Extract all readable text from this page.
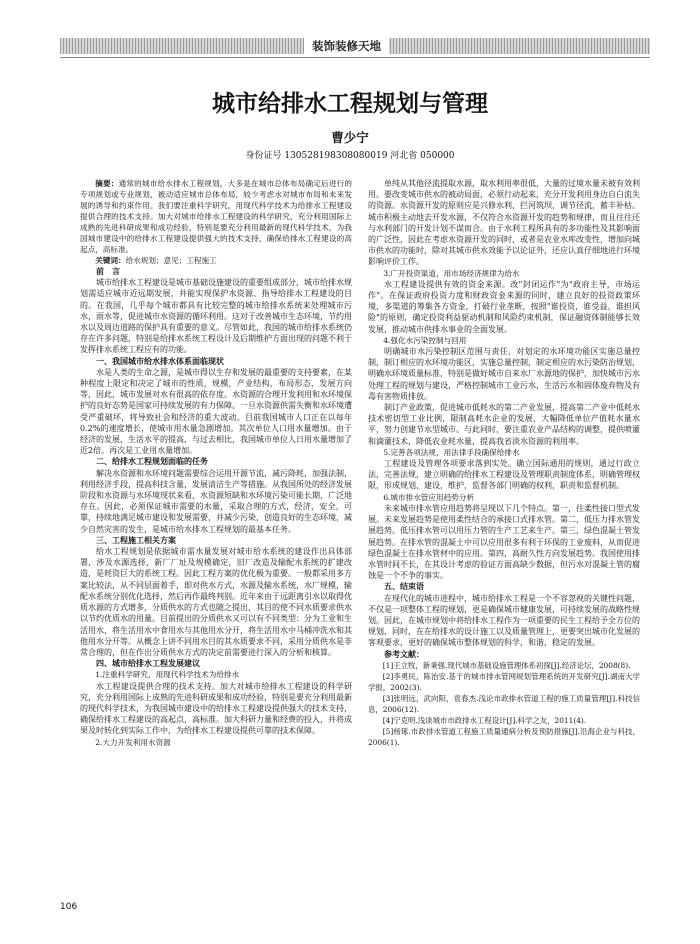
装饰装修天地
城市给排水工程规划与管理
曹少宁
身份证号 130528198308080019 河北省 050000

摘要：通常的城市给水排水工程规划，大多是在城市总体布局确定后进行的专项规划或专业规划，被动适应城市总体布局，较少考虑水对城市布局和未来发展的诱导和约束作用。我们要注重科学研究，用现代科学技术为给排水工程建设提供合理的技术支持。加大对城市给排水工程建设的科学研究，充分利用国际上成熟的先进科研成果和成功经验，特别是要充分利用最新的现代科学技术，为我国城市建设中的给排水工程建设提供强大的技术支持，确保给排水工程建设的高起点，高标准。

关键词：给水规划；意见；工程施工

前　言

城市给排水工程建设是城市基础设施建设的重要组成部分，城市给排水规划需适应城市近远期发展，并能实现保护水资源、指导给排水工程建设的目的。在我国，几乎每个城市都具有比较完整的城市给排水系统来处理城市污水，雨水等，促进城市水资源的循环利用。这对于改善城市生态环境，节约用水以及周边道路的保护具有重要的意义。尽管如此，我国的城市给排水系统仍存在许多问题，特别是给排水系统工程设计及后期维护方面出现的问题不利于发挥排水系统工程应有的功能。

一、我国城市给水排水体系面临现状

水是人类的生命之源，是城市得以生存和发展的最重要的支持要素，在某种程度上限定和决定了城市的性质，规模，产业结构，布局形态，发展方向等，因此，城市发展对水有很高的依存度。水资源的合理开发利用和水环境保护的良好态势是国家可持续发展的有力保障。一旦水资源供需失衡和水环境遭受严重破坏，将导致社会和经济的重大波动。目前我国城市人口正在以每年0.2%的速度增长，使城市用水量急剧增加。其次单位人口用水量增加。由于经济的发展，生活水平的提高，与过去相比，我国城市单位人日用水量增加了近2倍。再次是工业用水量增加。

二、给排水工程规划面临的任务

解决水资源和水环境问题需要综合运用开源节流，减污降耗，加强法制，利用经济手段，提高科技含量，发展清洁生产等措施。从我国所处的经济发展阶段和水资源与水环境现状来看，水资源短缺和水环境污染可能长期，广泛地存在。因此，必须保证城市需要的水量，采取合理的方式，经济，安全，可靠，持续地满足城市建设和发展需要，并减少污染，创造良好的生态环境，减少自然灾害的发生，是城市给水排水工程规划的最基本任务。

三、工程施工相关方案

给水工程规划是依据城市需水量发展对城市给水系统的建设作出具体部署，涉及水源选择，新厂厂址及规模确定，旧厂改造及输配水系统的扩建改造，是耗资巨大的系统工程。因此工程方案的优化极为重要。一般都采用多方案比较法，从不同层面着手，即对供水方式，水源及输水系统，水厂规模，输配水系统分别优化选择，然后再作最终判别。近年来由于远距离引水以取得优质水源的方式增多，分质供水的方式也随之提出，其目的使不同水质要求供水以节约优质水的用量。目前提出的分质供水又可以有不同类型：分为工业和生活用水，将生活用水中食用水与其他用水分开，将生活用水中马桶冲洗水和其他用水分开等。从概念上讲不同用水目的其水质要求不同，采用分质供水是非常合理的，但在作出分质供水方式的决定前需要进行深入的分析和核算。

四、城市给排水工程发展建议

1.注重科学研究，用现代科学技术为给排水

水工程建设提供合理的技术支持。加大对城市给排水工程建设的科学研究，充分利用国际上成熟的先进科研成果和成功经验，特别是要充分利用最新的现代科学技术，为我国城市建设中的给排水工程建设提供强大的技术支持，确保给排水工程建设的高起点，高标准。加大科研力量和经费的投入，并将成果及时转化到实际工作中，为给排水工程建设提供可靠的技术保障。

2.大力开发利用水资源

单纯从其他径流提取水源，取水利用率很低，大量的过境水量未被有效利用。要改变城市供水的被动局面，必须行动起来，充分开发利用身边自白流失的资源。水资源开发的原则应是兴修水利，拦河筑坝，调节径流，蓄丰补枯。城市积极主动地去开发水源，不仅符合水资源开发的趋势和规律，而且往往还与水利部门的开发计划不谋而合。由于水利工程所具有的多功能性及其影响面的广泛性，因此在考虑水资源开发的同时，或者是农业水库改变性，增加向城市供水的功能时，除对其城市供水效能予以论证外，还应认真仔细地进行环境影响评价工作。

3.广开投资渠道，用市场经济规律为给水

水工程建设提供有效的资金来源。改"封闭运作"为"政府主导，市场运作"。在保证政府投资力度和财政资金来源的同时，建立良好的投资政策环境，多渠道的筹集各方资金，打破行业垄断，按照"谁投资，谁受益，谁担风险"的原则，确定投资利益驱动机制和风险约束机制，保证融资体制能够长效发展，推动城市供排水事业的全面发展。

4.强化水污染控制与回用

明确城市水污染控制区范围与责任，对划定的水环境功能区实施总量控制，制订相应的水环境功能区，实施总量控制，制定相应的水污染防治规划，明确水环境质量标准，特别是做好城市自来水厂水源地的保护，加快城市污水处理工程的规划与建设，严格控制城市工业污水，生活污水和固体废弃物及有毒有害物质排放。

制订产业政策，促进城市低耗水的第二产业发展，提高第二产业中低耗水技术密切型工业比例，限制高耗水企业的发展，大幅降低单位产值耗水量水平，努力创建节水型城市。与此同时，要注重农业产品结构的调整，提供喷灌和滴灌技术，降低农业耗水量，提高我省淡水资源的利用率。

5.完善各项法规，用法律手段确保给排水

工程建设及管理各项要求落到实处。确立国际通用的规则，通过行政立法，完善法规，建立明确的给排水工程建设及管理职责制度体系，明确管理权限，形成规划，建设，维护，监督各部门明确的权利，职责和监督机制。

6.城市排水管应用趋势分析

未来城市排水管应用趋势将呈现以下几个特点。第一，往柔性接口型式发展。未来发展趋势是使用柔性结合的承接口式排水管。第二，低压力排水管发展趋势。低压排水管可以用压力管的生产工艺来生产。第三，绿色混凝土管发展趋势。在排水管的混凝土中可以应用很多有利于环保的工业废料，从而促进绿色混凝土在排水管材中的应用。第四，高耐久性方向发展趋势。我国使用排水管时间不长，在其设计考虑的验证方面高缺少数据，但污水对混凝土管的腐蚀是一个不争的事实。

五、结束语

在现代化的城市进程中，城市给排水工程是一个不容忽视的关键性问题，不仅是一项整体工程的规划，更是确保城市健康发展，可持续发展的战略性规划。因此，在城市规划中将给排水工程作为一项重要的民生工程给予全方位的规划，同时，在在给排水的设计施工以及质量管理上，更要突出城市化发展的客观要求，更好的确保城市整体规划的科学，和谐，稳定的发展。

参考文献：

[1]王立牧，新秉强.现代城市基础设施管理体系初探[J].经济论坛，2008(8).

[2]李勇民，陈治安.基于的城市排水管网规划管理系统的开发研究[J].湖南大学学报，2002(3).

[3]张明远，武向阳，袁春杰.浅论市政排水管道工程的施工质量管理[J].科技信息，2006(12).

[4]宁克明.浅谈城市市政排水工程设计[J].科学之友，2011(4).

[5]杨琢.市政排水管道工程施工质量通病分析及预防措施[J].沿海企业与科技，2006(1).

106
